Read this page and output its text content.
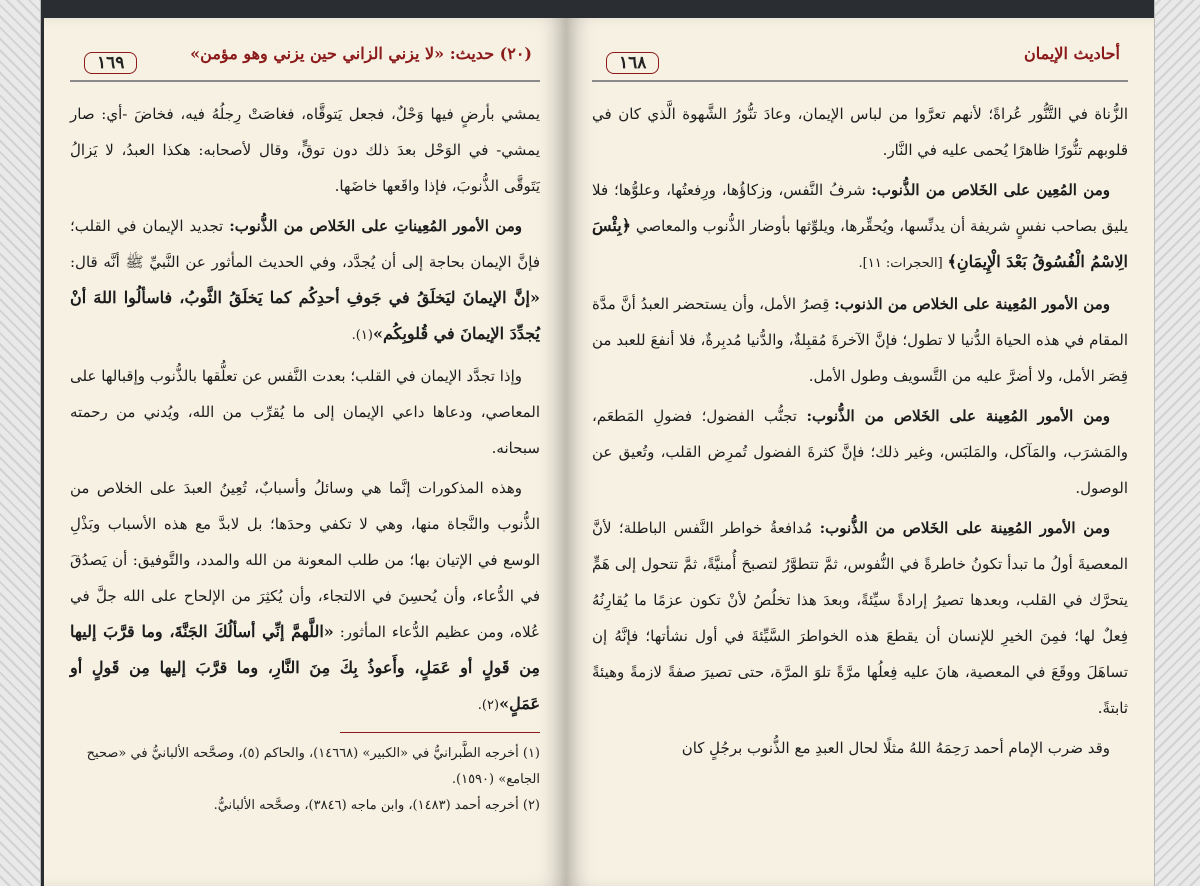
(٢٠) حديث: «لا يزني الزاني حين يزني وهو مؤمن»
١٦٩

يمشي بأرضٍ فيها وَحْلٌ، فجعل يَتوقَّاه، فغاصَتْ رِجلُهُ فيه، فخاضَ -أي: صار يمشي- في الوَحْل بعدَ ذلك دون توقٍّ، وقال لأصحابه: هكذا العبدُ، لا يَزالُ يَتَوقَّى الذُّنوبَ، فإذا واقَعها خاضَها.

ومن الأمور المُعِيناتِ على الخَلاص من الذُّنوب: تجديد الإيمان في القلب؛ فإنَّ الإيمان بحاجة إلى أن يُجدَّد، وفي الحديث المأثور عن النَّبيِّ ﷺ أنَّه قال: «إنَّ الإيمانَ ليَخلَقُ في جَوفِ أحدِكُم كما يَخلَقُ الثَّوبُ، فاسألُوا اللهَ أنْ يُجدِّدَ الإيمانَ في قُلوبِكُم»(١).

وإذا تجدَّد الإيمان في القلب؛ بعدت النَّفس عن تعلُّقها بالذُّنوب وإقبالها على المعاصي، ودعاها داعي الإيمان إلى ما يُقرِّب من الله، ويُدني من رحمته سبحانه.

وهذه المذكورات إنَّما هي وسائلُ وأسبابٌ، تُعِينُ العبدَ على الخلاص من الذُّنوب والنَّجاة منها، وهي لا تكفي وحدَها؛ بل لابدَّ مع هذه الأسباب وبَذْلِ الوسع في الإتيان بها؛ من طلب المعونة من الله والمدد، والتَّوفيق: أن يَصدُقَ في الدُّعاء، وأن يُحسِنَ في الالتجاء، وأن يُكثِرَ من الإلحاح على الله جلَّ في عُلاه، ومن عظيم الدُّعاء المأثور: «اللَّهمَّ إنِّي أسألُكَ الجَنَّةَ، وما قرَّبَ إليها مِن قَولٍ أو عَمَلٍ، وأَعوذُ بِكَ مِنَ النَّارِ، وما قرَّبَ إليها مِن قَولٍ أو عَمَلٍ»(٢).

(١) أخرجه الطَّبرانيُّ في «الكبير» (١٤٦٦٨)، والحاكم (٥)، وصحَّحه الألبانيُّ في «صحيح الجامع» (١٥٩٠).

(٢) أخرجه أحمد (١٤٨٣)، وابن ماجه (٣٨٤٦)، وصحَّحه الألبانيُّ.

أحاديث الإيمان
١٦٨

الزُّناة في التَّنُّور عُراةً؛ لأنهم تعرَّوا من لباس الإيمان، وعادَ تنُّورُ الشَّهوة الَّذي كان في قلوبهم تنُّورًا ظاهرًا يُحمى عليه في النَّار.

ومن المُعِين على الخَلاص من الذُّنوب: شرفُ النَّفس، وزكاؤُها، ورِفعتُها، وعلوُّها؛ فلا يليق بصاحب نفسٍ شريفة أن يدنِّسها، ويُحقِّرها، ويلوِّثها بأوضار الذُّنوب والمعاصي ﴿بِئْسَ الِاسْمُ الْفُسُوقُ بَعْدَ الْإِيمَانِ﴾ [الحجرات: ١١].

ومن الأمور المُعِينة على الخلاص من الذنوب: قِصرُ الأمل، وأن يستحضر العبدُ أنَّ مدَّة المقام في هذه الحياة الدُّنيا لا تطول؛ فإنَّ الآخرةَ مُقبِلةٌ، والدُّنيا مُدبِرةٌ، فلا أنفعَ للعبد من قِصَر الأمل، ولا أضرَّ عليه من التَّسويف وطول الأمل.

ومن الأمور المُعِينة على الخَلاص من الذُّنوب: تجنُّب الفضول؛ فضولِ المَطعَم، والمَشرَب، والمَآكل، والمَلبَس، وغير ذلك؛ فإنَّ كثرةَ الفضول تُمرِض القلب، وتُعيق عن الوصول.

ومن الأمور المُعِينة على الخَلاص من الذُّنوب: مُدافعةُ خواطر النَّفس الباطلة؛ لأنَّ المعصيةَ أولُ ما تبدأ تكونُ خاطرةً في النُّفوس، ثمَّ تتطوَّرُ لتصبحَ أُمنيَّةً، ثمَّ تتحول إلى هَمٍّ يتحرَّك في القلب، وبعدها تصيرُ إرادةً سيِّئةً، وبعدَ هذا تخلُصُ لأنْ تكون عزمًا ما يُقارِنُهُ فِعلٌ لها؛ فمِنَ الخيرِ للإنسان أن يقطعَ هذه الخواطرَ السَّيِّئةَ في أول نشأتها؛ فإنَّهُ إن تساهَلَ ووقَعَ في المعصية، هانَ عليه فِعلُها مرَّةً تلوَ المرَّة، حتى تصيرَ صفةً لازمةً وهيئةً ثابتةً.

وقد ضرب الإمام أحمد رَحِمَهُ اللهُ مثلًا لحال العبدِ مع الذُّنوب برجُلٍ كان
